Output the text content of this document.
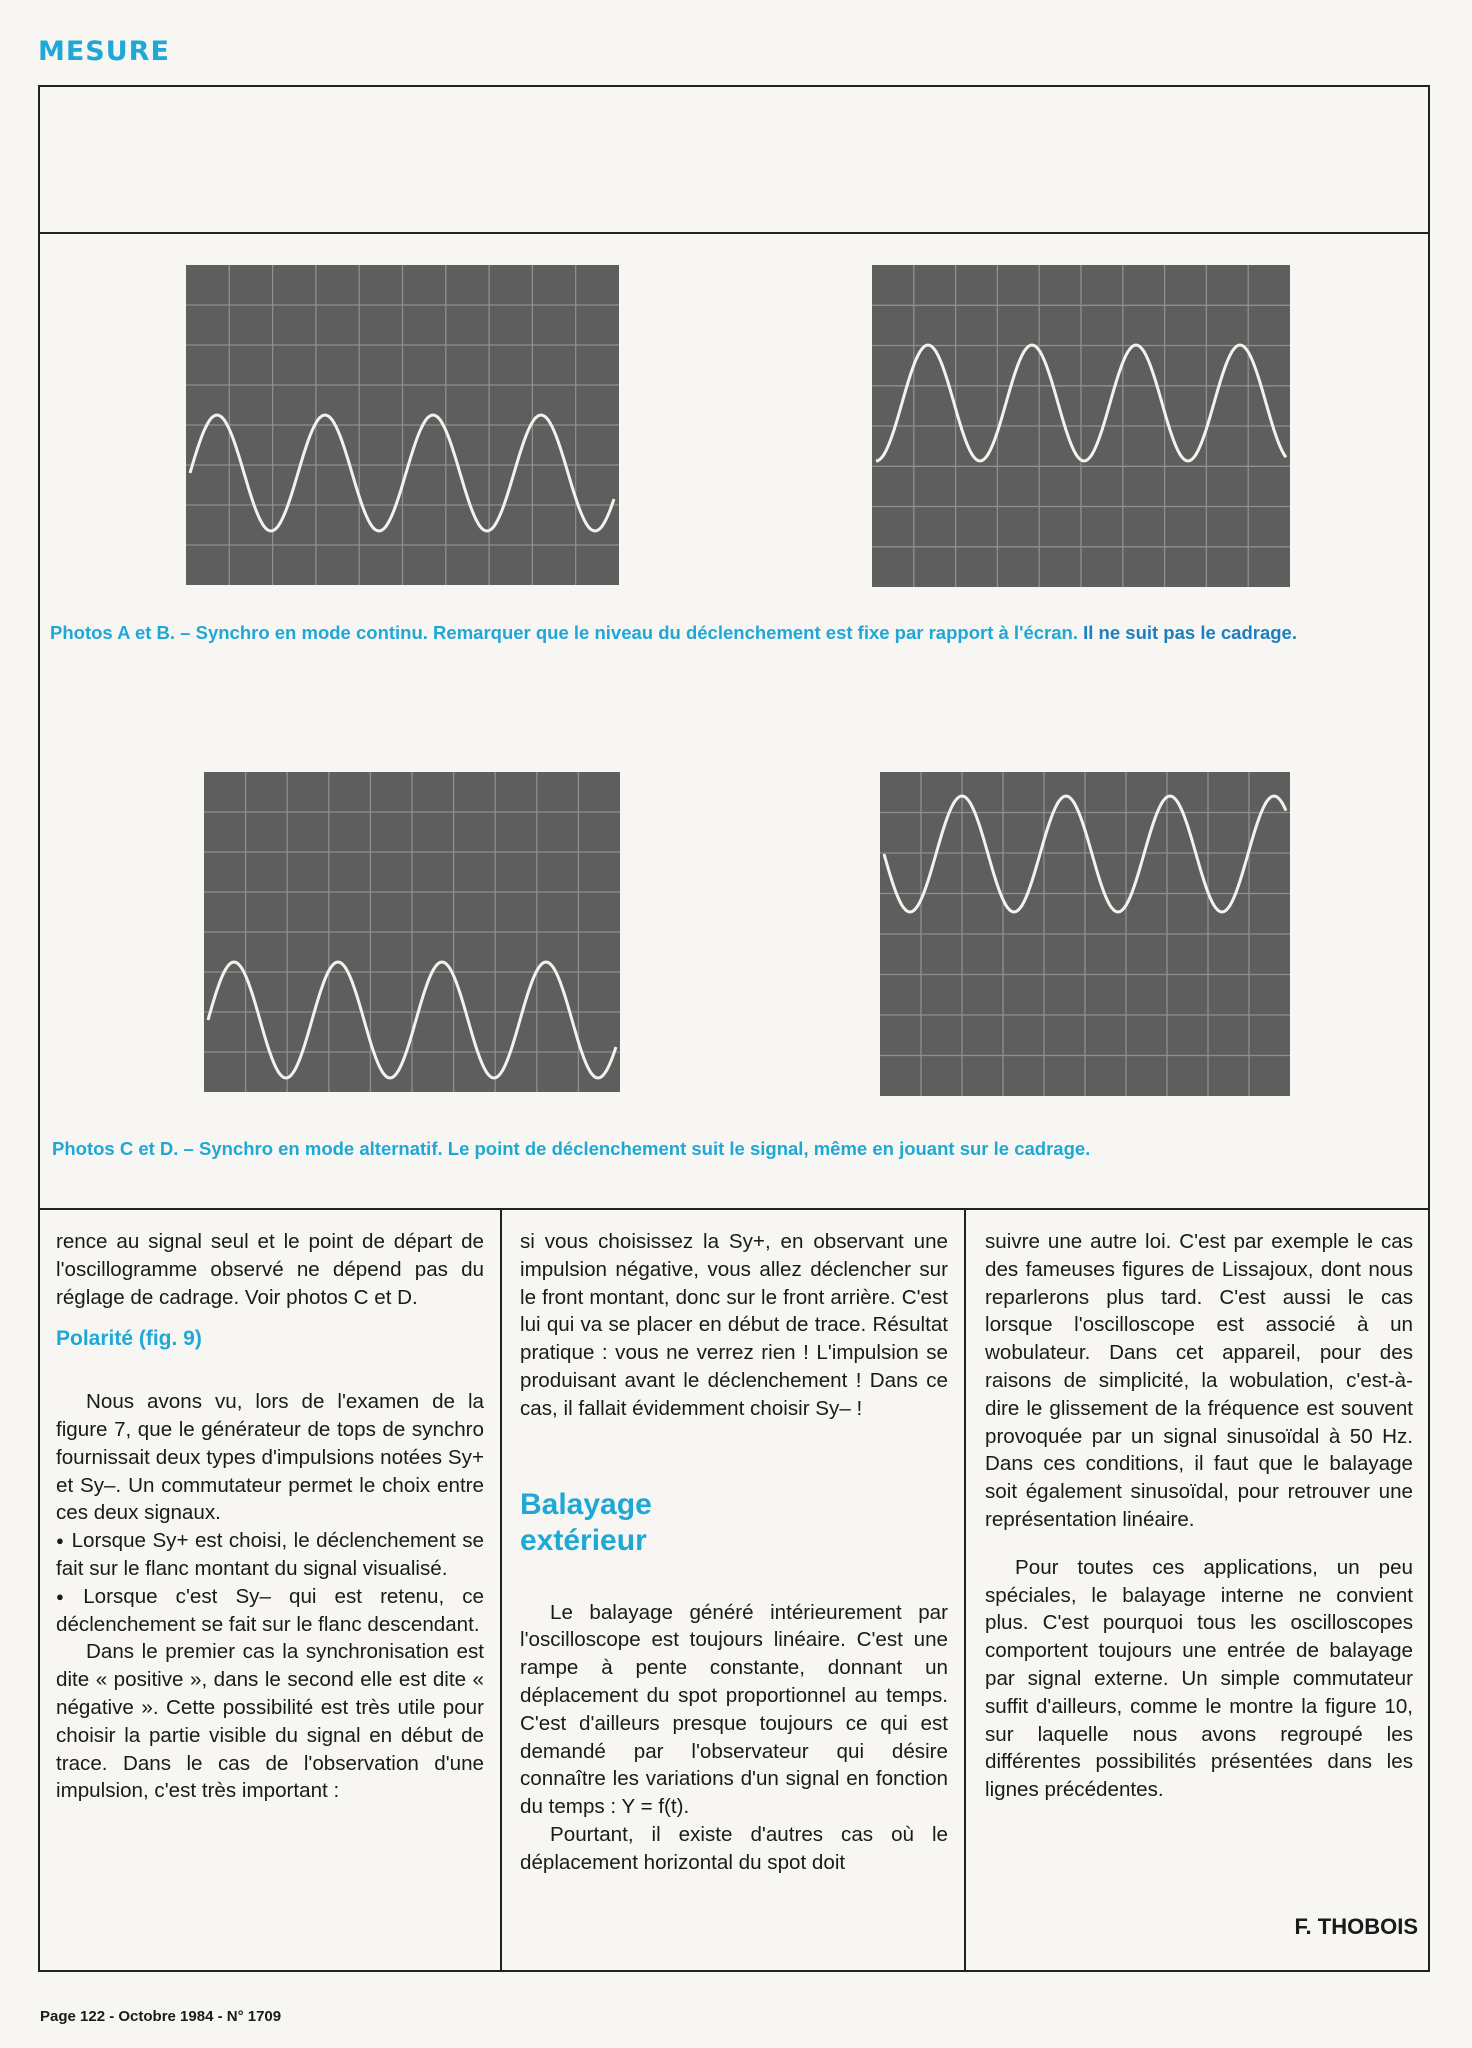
MESURE
Photos A et B. – Synchro en mode continu. Remarquer que le niveau du déclenchement est fixe par rapport à l'écran. Il ne suit pas le cadrage.
Photos C et D. – Synchro en mode alternatif. Le point de déclenchement suit le signal, même en jouant sur le cadrage.

rence au signal seul et le point de départ de l'oscillogramme observé ne dépend pas du réglage de cadrage. Voir photos C et D.

Polarité (fig. 9)

Nous avons vu, lors de l'examen de la figure 7, que le générateur de tops de synchro fournissait deux types d'impulsions notées Sy+ et Sy–. Un commutateur permet le choix entre ces deux signaux.

● Lorsque Sy+ est choisi, le déclenchement se fait sur le flanc montant du signal visualisé.

● Lorsque c'est Sy– qui est retenu, ce déclenchement se fait sur le flanc descendant.

Dans le premier cas la synchronisation est dite « positive », dans le second elle est dite « négative ». Cette possibilité est très utile pour choisir la partie visible du signal en début de trace. Dans le cas de l'observation d'une impulsion, c'est très important :

si vous choisissez la Sy+, en observant une impulsion négative, vous allez déclencher sur le front montant, donc sur le front arrière. C'est lui qui va se placer en début de trace. Résultat pratique : vous ne verrez rien ! L'impulsion se produisant avant le déclenchement ! Dans ce cas, il fallait évidemment choisir Sy– !

Balayage
extérieur

Le balayage généré intérieurement par l'oscilloscope est toujours linéaire. C'est une rampe à pente constante, donnant un déplacement du spot proportionnel au temps. C'est d'ailleurs presque toujours ce qui est demandé par l'observateur qui désire connaître les variations d'un signal en fonction du temps : Y = f(t).

Pourtant, il existe d'autres cas où le déplacement horizontal du spot doit

suivre une autre loi. C'est par exemple le cas des fameuses figures de Lissajoux, dont nous reparlerons plus tard. C'est aussi le cas lorsque l'oscilloscope est associé à un wobulateur. Dans cet appareil, pour des raisons de simplicité, la wobulation, c'est-à-dire le glissement de la fréquence est souvent provoquée par un signal sinusoïdal à 50 Hz. Dans ces conditions, il faut que le balayage soit également sinusoïdal, pour retrouver une représentation linéaire.

Pour toutes ces applications, un peu spéciales, le balayage interne ne convient plus. C'est pourquoi tous les oscilloscopes comportent toujours une entrée de balayage par signal externe. Un simple commutateur suffit d'ailleurs, comme le montre la figure 10, sur laquelle nous avons regroupé les différentes possibilités présentées dans les lignes précédentes.

F. THOBOIS
Page 122 - Octobre 1984 - N° 1709
